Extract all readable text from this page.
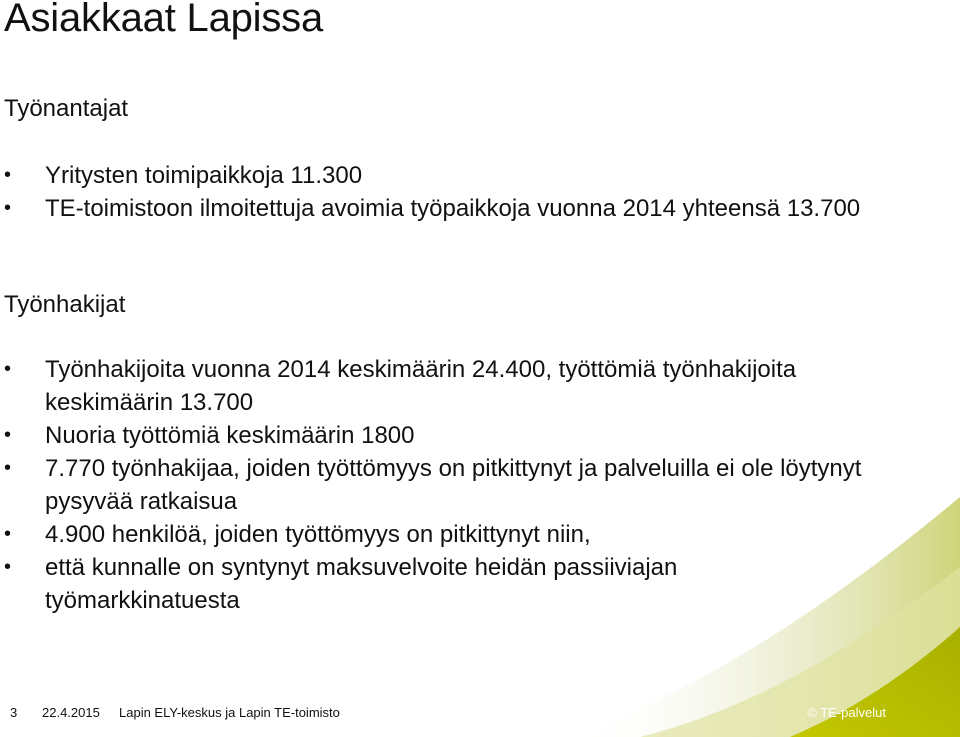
Asiakkaat Lapissa
Työnantajat
• Yritysten toimipaikkoja 11.300
• TE-toimistoon ilmoitettuja avoimia työpaikkoja vuonna 2014 yhteensä 13.700
Työnhakijat
• Työnhakijoita vuonna 2014 keskimäärin 24.400, työttömiä työnhakijoita keskimäärin 13.700
• Nuoria työttömiä keskimäärin 1800
• 7.770 työnhakijaa, joiden työttömyys on pitkittynyt ja palveluilla ei ole löytynyt pysyvää ratkaisua
• 4.900 henkilöä, joiden työttömyys on pitkittynyt niin,
• että kunnalle on syntynyt maksuvelvoite heidän passiiviajan työmarkkinatuesta
3 22.4.2015 Lapin ELY-keskus ja Lapin TE-toimisto	© TE-palvelut
